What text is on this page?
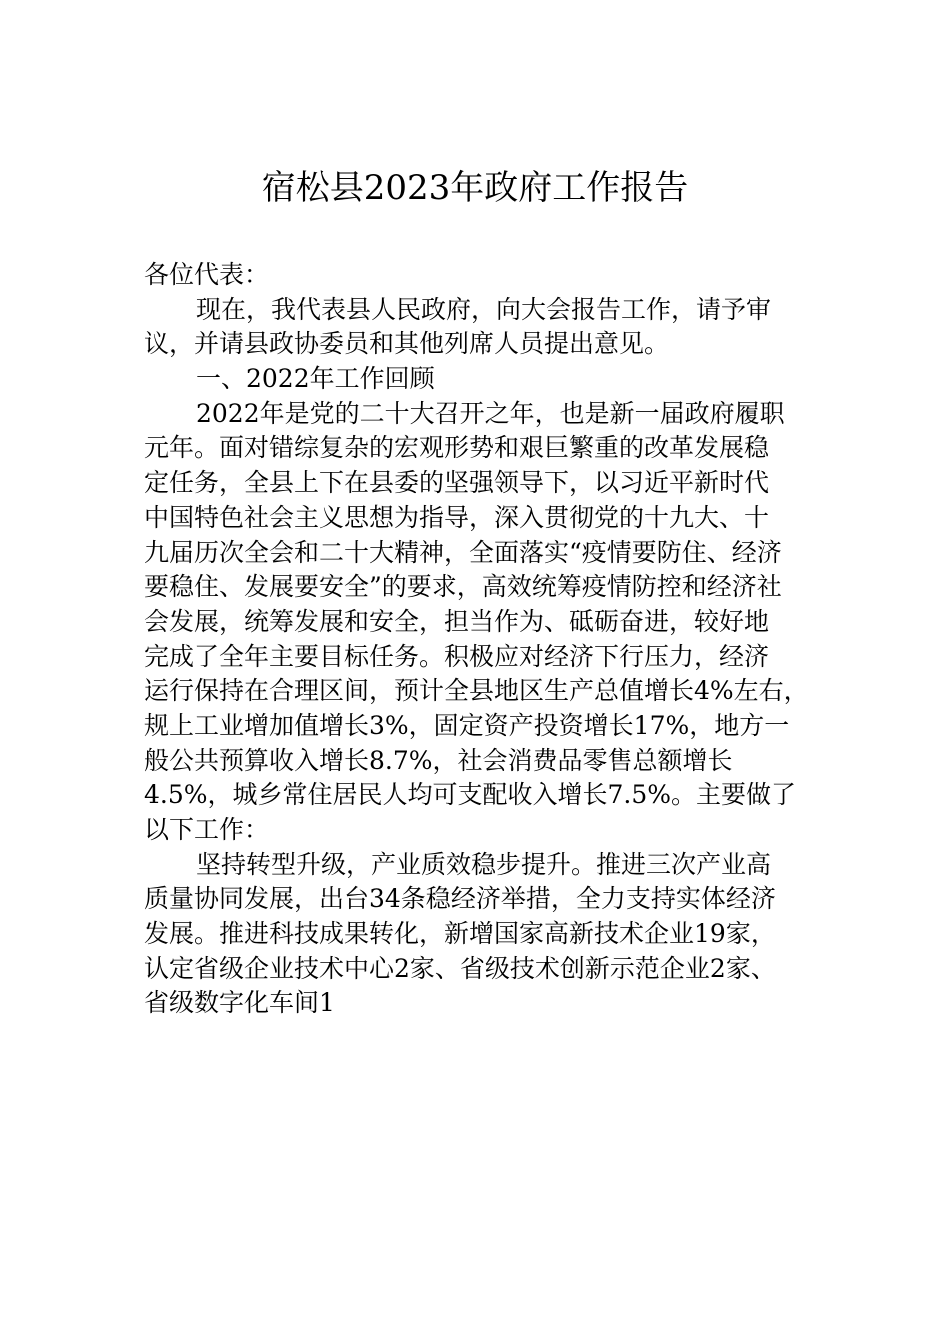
宿松县2023年政府工作报告
各位代表：
现在，我代表县人民政府，向大会报告工作，请予审
议，并请县政协委员和其他列席人员提出意见。
一、2022年工作回顾
2022年是党的二十大召开之年，也是新一届政府履职
元年。面对错综复杂的宏观形势和艰巨繁重的改革发展稳
定任务，全县上下在县委的坚强领导下，以习近平新时代
中国特色社会主义思想为指导，深入贯彻党的十九大、十
九届历次全会和二十大精神，全面落实“疫情要防住、经济
要稳住、发展要安全”的要求，高效统筹疫情防控和经济社
会发展，统筹发展和安全，担当作为、砥砺奋进，较好地
完成了全年主要目标任务。积极应对经济下行压力，经济
运行保持在合理区间，预计全县地区生产总值增长4%左右，
规上工业增加值增长3%，固定资产投资增长17%，地方一
般公共预算收入增长8.7%，社会消费品零售总额增长
4.5%，城乡常住居民人均可支配收入增长7.5%。主要做了
以下工作：
坚持转型升级，产业质效稳步提升。推进三次产业高
质量协同发展，出台34条稳经济举措，全力支持实体经济
发展。推进科技成果转化，新增国家高新技术企业19家，
认定省级企业技术中心2家、省级技术创新示范企业2家、
省级数字化车间1
